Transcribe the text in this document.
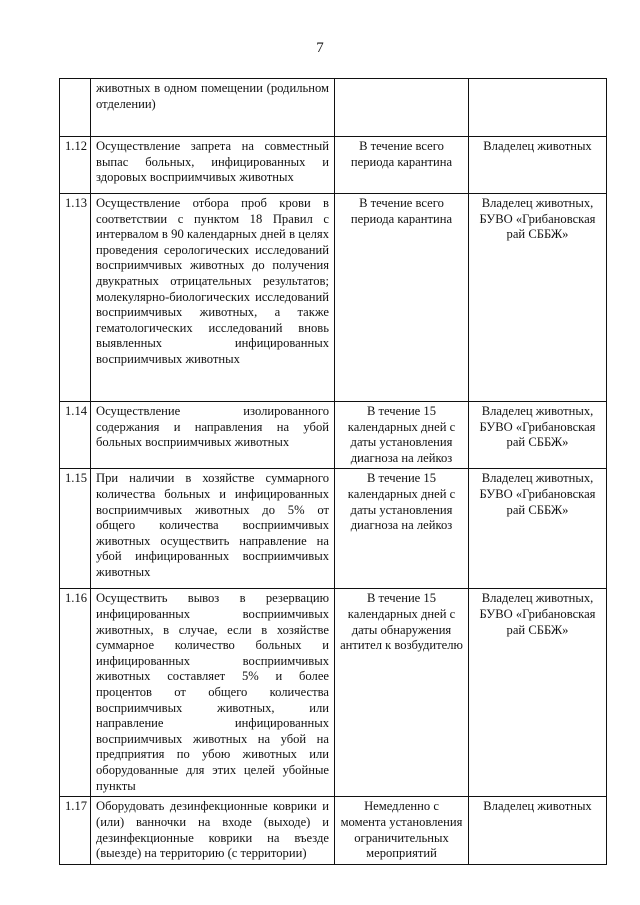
7
	животных в одном помещении (родильном отделении)		
1.12	Осуществление запрета на совместный выпас больных, инфицированных и здоровых восприимчивых животных	В течение всего периода карантина	Владелец животных
1.13	Осуществление отбора проб крови в соответствии с пунктом 18 Правил с интервалом в 90 календарных дней в целях проведения серологических исследований восприимчивых животных до получения двукратных отрицательных результатов; молекулярно-биологических исследований восприимчивых животных, а также гематологических исследований вновь выявленных инфицированных восприимчивых животных	В течение всего периода карантина	Владелец животных, БУВО «Грибановская рай СББЖ»
1.14	Осуществление изолированного содержания и направления на убой больных восприимчивых животных	В течение 15 календарных дней с даты установления диагноза на лейкоз	Владелец животных, БУВО «Грибановская рай СББЖ»
1.15	При наличии в хозяйстве суммарного количества больных и инфицированных восприимчивых животных до 5% от общего количества восприимчивых животных осуществить направление на убой инфицированных восприимчивых животных	В течение 15 календарных дней с даты установления диагноза на лейкоз	Владелец животных, БУВО «Грибановская рай СББЖ»
1.16	Осуществить вывоз в резервацию инфицированных восприимчивых животных, в случае, если в хозяйстве суммарное количество больных и инфицированных восприимчивых животных составляет 5% и более процентов от общего количества восприимчивых животных, или направление инфицированных восприимчивых животных на убой на предприятия по убою животных или оборудованные для этих целей убойные пункты	В течение 15 календарных дней с даты обнаружения антител к возбудителю	Владелец животных, БУВО «Грибановская рай СББЖ»
1.17	Оборудовать дезинфекционные коврики и (или) ванночки на входе (выходе) и дезинфекционные коврики на въезде (выезде) на территорию (с территории)	Немедленно с момента установления ограничительных мероприятий	Владелец животных
